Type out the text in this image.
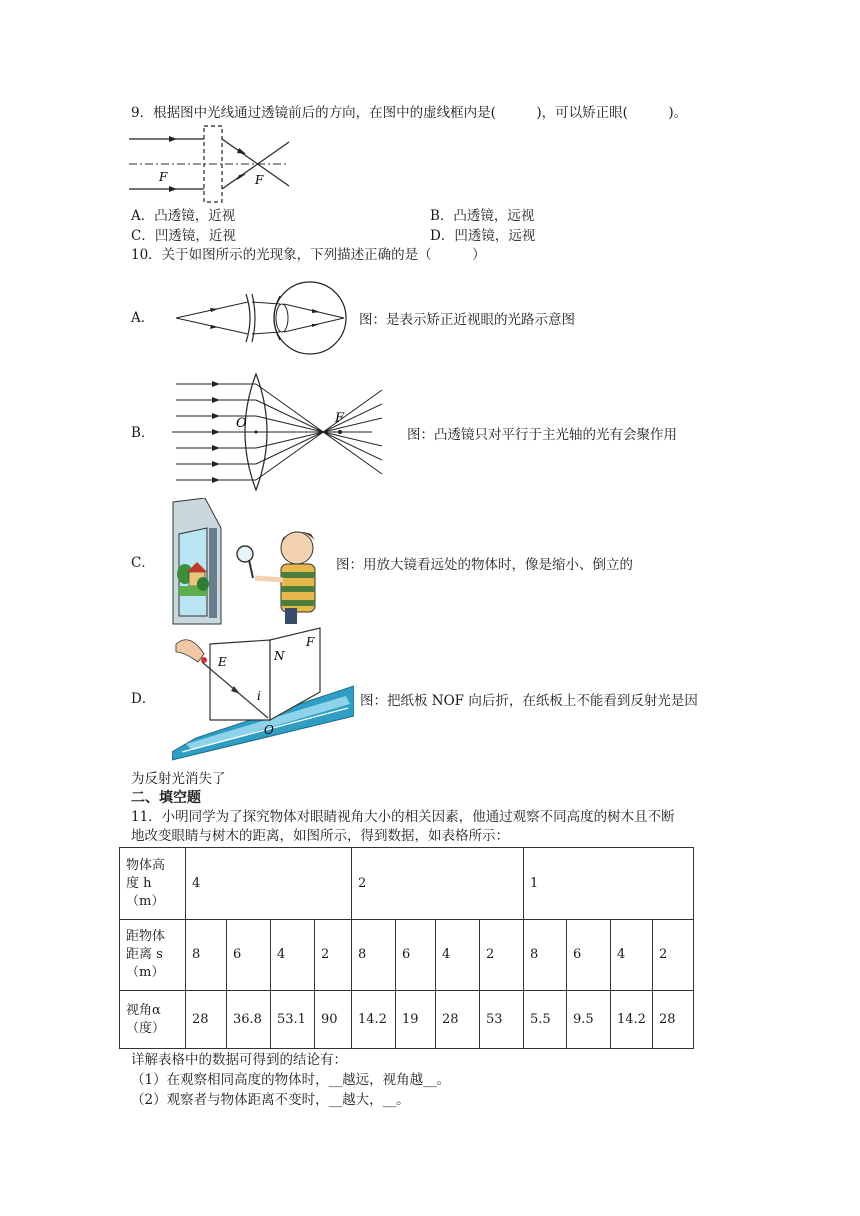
9．根据图中光线通过透镜前后的方向，在图中的虚线框内是(　　　)，可以矫正眼(　　　)。
F	F
A．凸透镜，近视	B．凸透镜，远视
C．凹透镜，近视	D．凹透镜，远视
10．关于如图所示的光现象，下列描述正确的是（　　　）
A．	图：是表示矫正近视眼的光路示意图
B．
O	F
图：凸透镜只对平行于主光轴的光有会聚作用
C．	图：用放大镜看远处的物体时，像是缩小、倒立的
D．
E	N
F
i
O
图：把纸板 NOF 向后折，在纸板上不能看到反射光是因
为反射光消失了
二、填空题
11．小明同学为了探究物体对眼睛视角大小的相关因素，他通过观察不同高度的树木且不断
地改变眼睛与树木的距离，如图所示，得到数据，如表格所示：
物体高
度 h
（m）	4				2				1			

距物体
距离 s
（m）	8	6	4	2	8	6	4	2	8	6	4	2

视角α
（度）	28	36.8	53.1	90	14.2	19	28	53	5.5	9.5	14.2	28
详解表格中的数据可得到的结论有：
（1）在观察相同高度的物体时，__越远，视角越__。
（2）观察者与物体距离不变时，__越大，__。
